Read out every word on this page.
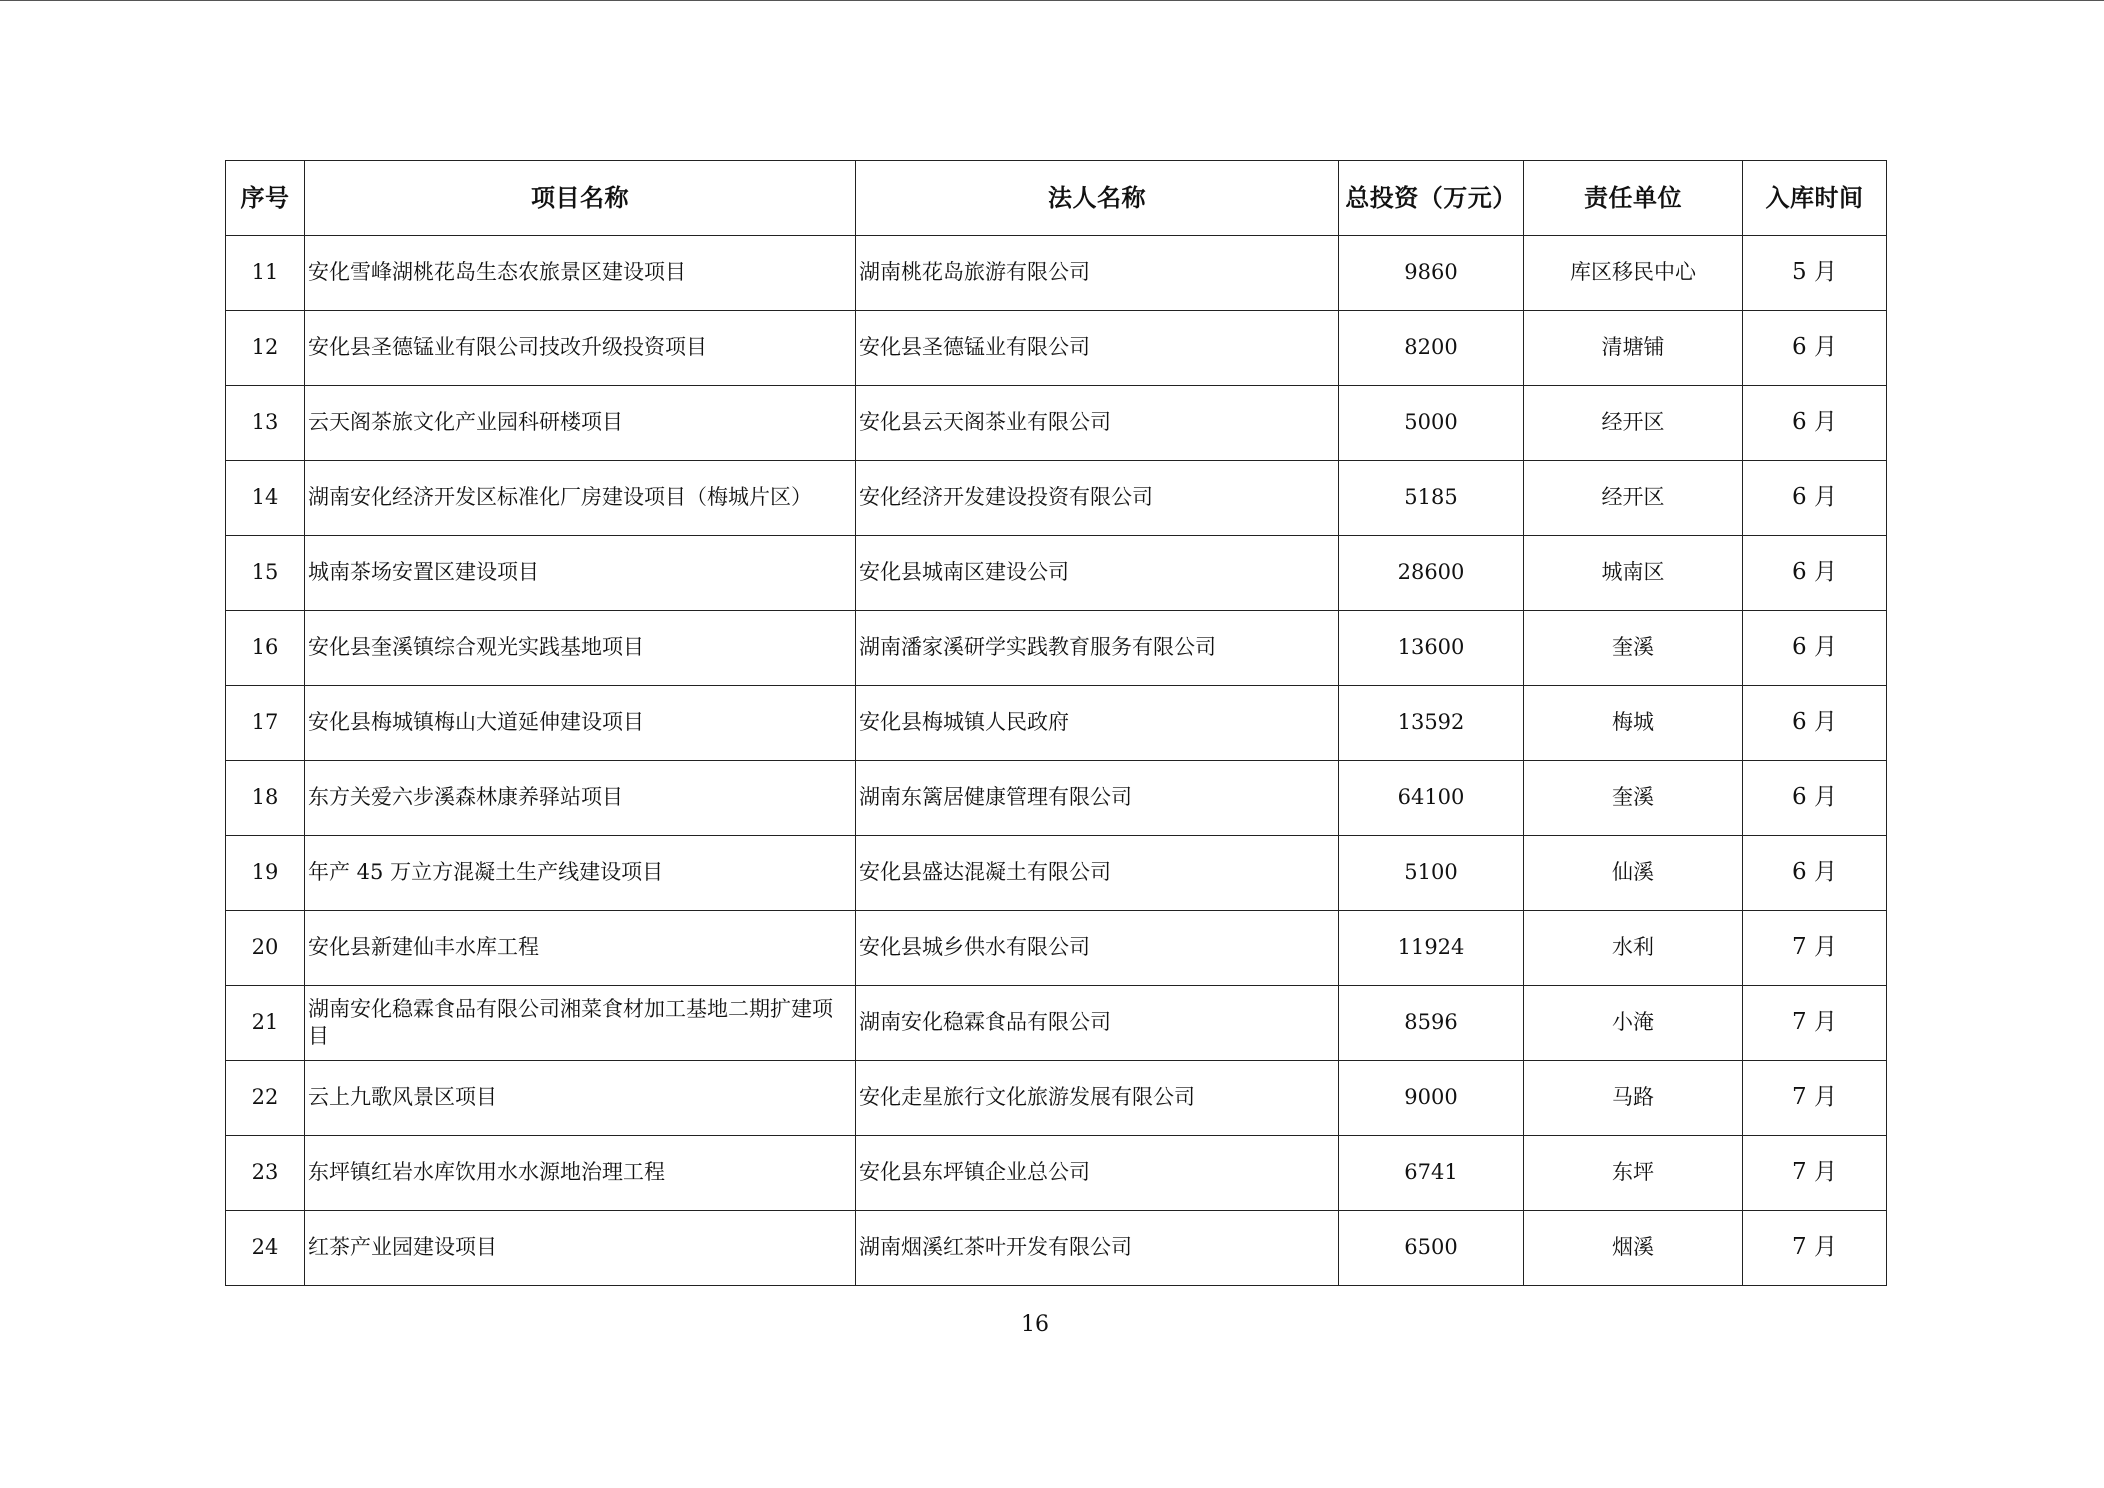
序号	项目名称	法人名称	总投资（万元）	责任单位	入库时间
11	安化雪峰湖桃花岛生态农旅景区建设项目	湖南桃花岛旅游有限公司	9860	库区移民中心	5 月
12	安化县圣德锰业有限公司技改升级投资项目	安化县圣德锰业有限公司	8200	清塘铺	6 月
13	云天阁茶旅文化产业园科研楼项目	安化县云天阁茶业有限公司	5000	经开区	6 月
14	湖南安化经济开发区标准化厂房建设项目（梅城片区）	安化经济开发建设投资有限公司	5185	经开区	6 月
15	城南茶场安置区建设项目	安化县城南区建设公司	28600	城南区	6 月
16	安化县奎溪镇综合观光实践基地项目	湖南潘家溪研学实践教育服务有限公司	13600	奎溪	6 月
17	安化县梅城镇梅山大道延伸建设项目	安化县梅城镇人民政府	13592	梅城	6 月
18	东方关爱六步溪森林康养驿站项目	湖南东篱居健康管理有限公司	64100	奎溪	6 月
19	年产 45 万立方混凝土生产线建设项目	安化县盛达混凝土有限公司	5100	仙溪	6 月
20	安化县新建仙丰水库工程	安化县城乡供水有限公司	11924	水利	7 月
21	湖南安化稳霖食品有限公司湘菜食材加工基地二期扩建项目	湖南安化稳霖食品有限公司	8596	小淹	7 月
22	云上九歌风景区项目	安化走星旅行文化旅游发展有限公司	9000	马路	7 月
23	东坪镇红岩水库饮用水水源地治理工程	安化县东坪镇企业总公司	6741	东坪	7 月
24	红茶产业园建设项目	湖南烟溪红茶叶开发有限公司	6500	烟溪	7 月
16
